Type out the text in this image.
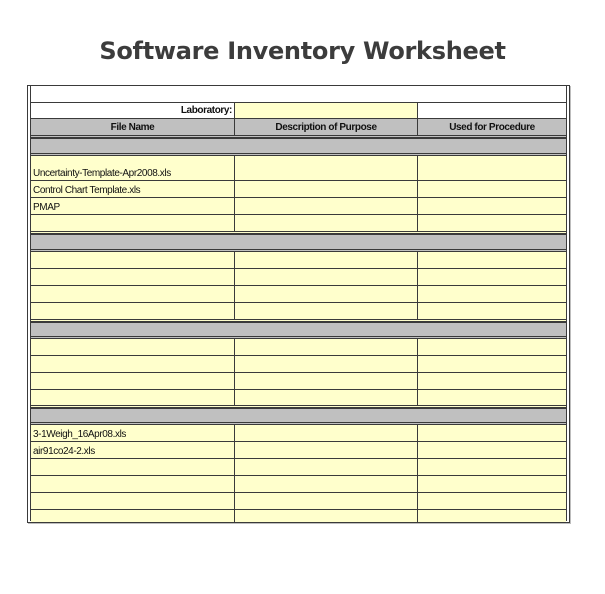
Software Inventory Worksheet
Laboratory:
File Name	Description of Purpose	Used for Procedure
Uncertainty-Template-Apr2008.xls
Control Chart Template.xls
PMAP
3-1Weigh_16Apr08.xls
air91co24-2.xls
